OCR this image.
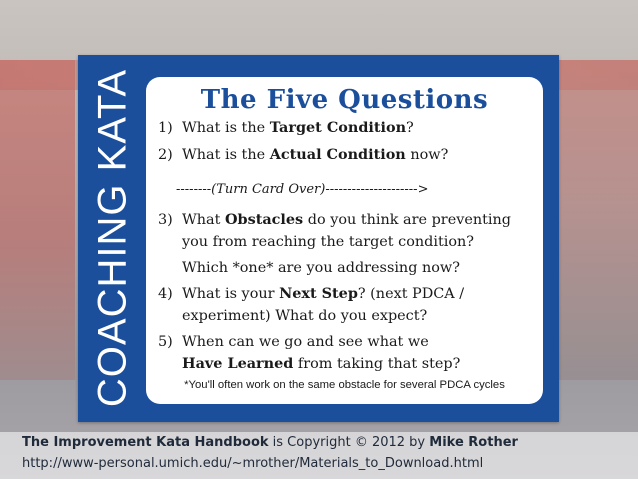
COACHING KATA	The Five Questions
1) What is the Target Condition?
2) What is the Actual Condition now?
--------(Turn Card Over)--------------------->
3) What Obstacles do you think are preventing
you from reaching the target condition?
Which *one* are you addressing now?
4) What is your Next Step? (next PDCA /
experiment) What do you expect?
5) When can we go and see what we
Have Learned from taking that step?
*You'll often work on the same obstacle for several PDCA cycles
The Improvement Kata Handbook is Copyright © 2012 by Mike Rother
http://www-personal.umich.edu/~mrother/Materials_to_Download.html
